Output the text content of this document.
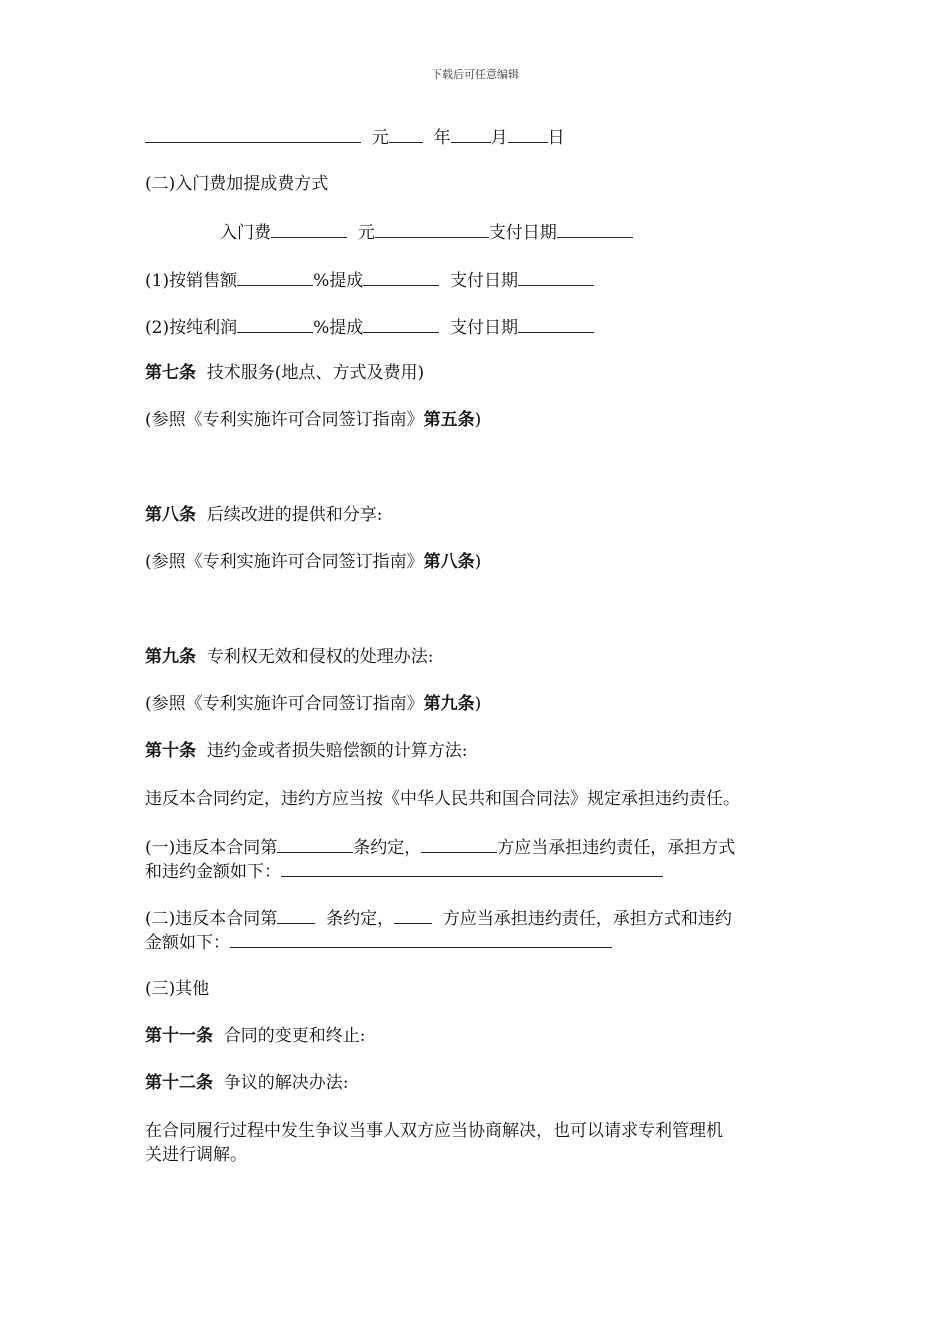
下载后可任意编辑
元	年 月 日
(二)入门费加提成费方式
入门费	元	支付日期
(1)按销售额	%提成	支付日期
(2)按纯利润	%提成	支付日期
第七条 技术服务(地点、方式及费用)
(参照《专利实施许可合同签订指南》第五条)
第八条 后续改进的提供和分享:
(参照《专利实施许可合同签订指南》第八条)
第九条 专利权无效和侵权的处理办法:
(参照《专利实施许可合同签订指南》第九条)
第十条 违约金或者损失赔偿额的计算方法:
违反本合同约定，违约方应当按《中华人民共和国合同法》规定承担违约责任。
(一)违反本合同第	条约定，	方应当承担违约责任，承担方式
和违约金额如下：
(二)违反本合同第	条约定，	方应当承担违约责任，承担方式和违约
金额如下：
(三)其他
第十一条 合同的变更和终止:
第十二条 争议的解决办法:
在合同履行过程中发生争议当事人双方应当协商解决，也可以请求专利管理机
关进行调解。
